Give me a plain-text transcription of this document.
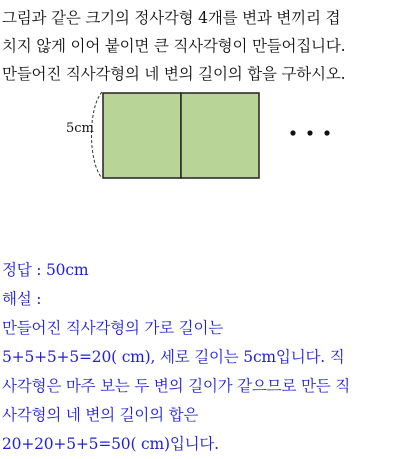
그림과 같은 크기의 정사각형 4개를 변과 변끼리 겹
치지 않게 이어 붙이면 큰 직사각형이 만들어집니다.
만들어진 직사각형의 네 변의 길이의 합을 구하시오.
5cm
정답 : 50cm
해설 :
만들어진 직사각형의 가로 길이는
5+5+5+5=20( cm), 세로 길이는 5cm입니다. 직
사각형은 마주 보는 두 변의 길이가 같으므로 만든 직
사각형의 네 변의 길이의 합은
20+20+5+5=50( cm)입니다.
